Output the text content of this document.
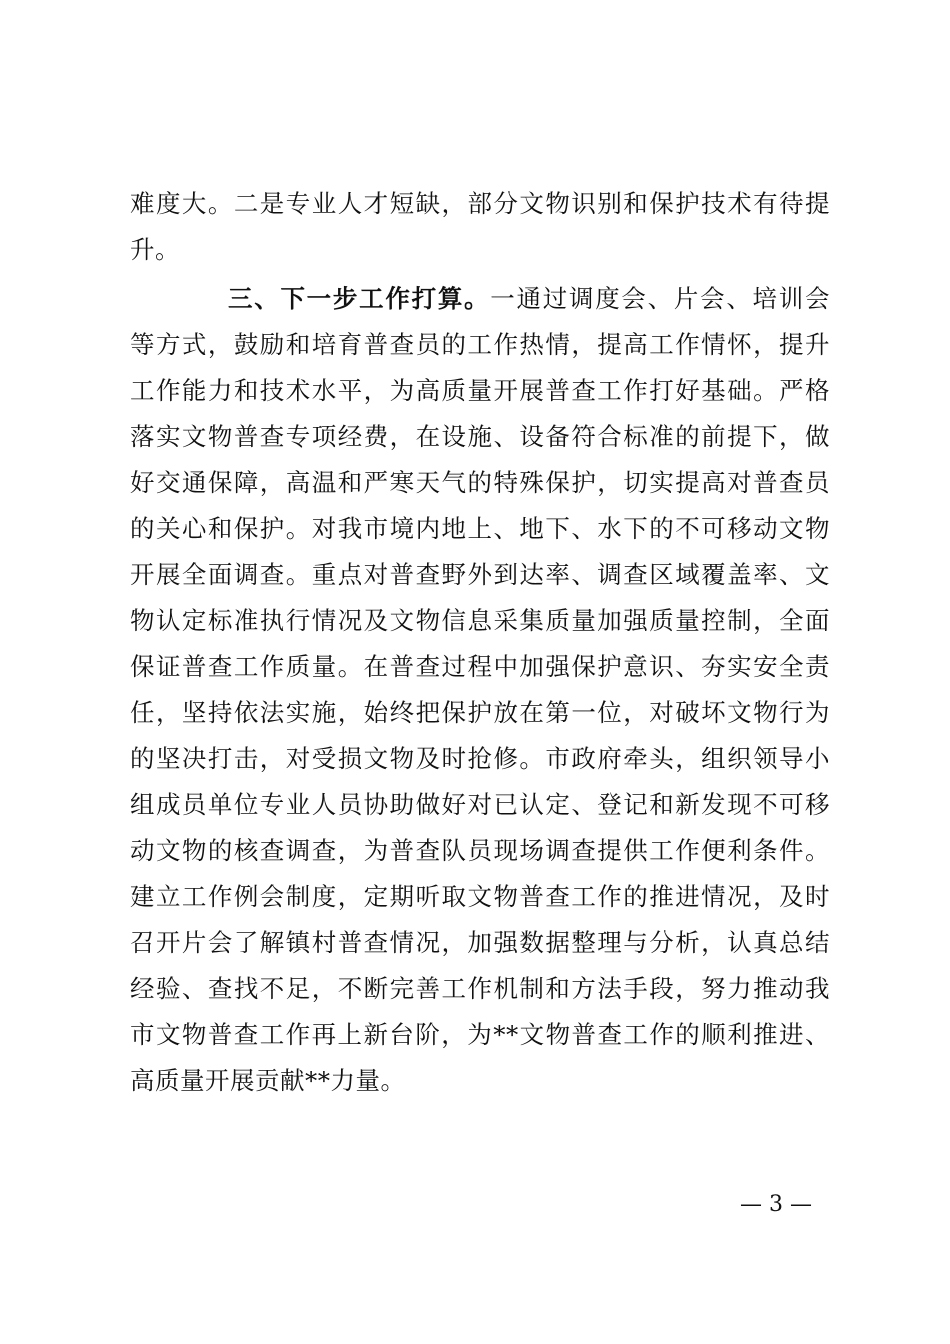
难度大。二是专业人才短缺，部分文物识别和保护技术有待提
升。
三、下一步工作打算。一通过调度会、片会、培训会
等方式，鼓励和培育普查员的工作热情，提高工作情怀，提升
工作能力和技术水平，为高质量开展普查工作打好基础。严格
落实文物普查专项经费，在设施、设备符合标准的前提下，做
好交通保障，高温和严寒天气的特殊保护，切实提高对普查员
的关心和保护。对我市境内地上、地下、水下的不可移动文物
开展全面调查。重点对普查野外到达率、调查区域覆盖率、文
物认定标准执行情况及文物信息采集质量加强质量控制，全面
保证普查工作质量。在普查过程中加强保护意识、夯实安全责
任，坚持依法实施，始终把保护放在第一位，对破坏文物行为
的坚决打击，对受损文物及时抢修。市政府牵头，组织领导小
组成员单位专业人员协助做好对已认定、登记和新发现不可移
动文物的核查调查，为普查队员现场调查提供工作便利条件。
建立工作例会制度，定期听取文物普查工作的推进情况，及时
召开片会了解镇村普查情况，加强数据整理与分析，认真总结
经验、查找不足，不断完善工作机制和方法手段，努力推动我
市文物普查工作再上新台阶，为**文物普查工作的顺利推进、
高质量开展贡献**力量。
— 3 —
